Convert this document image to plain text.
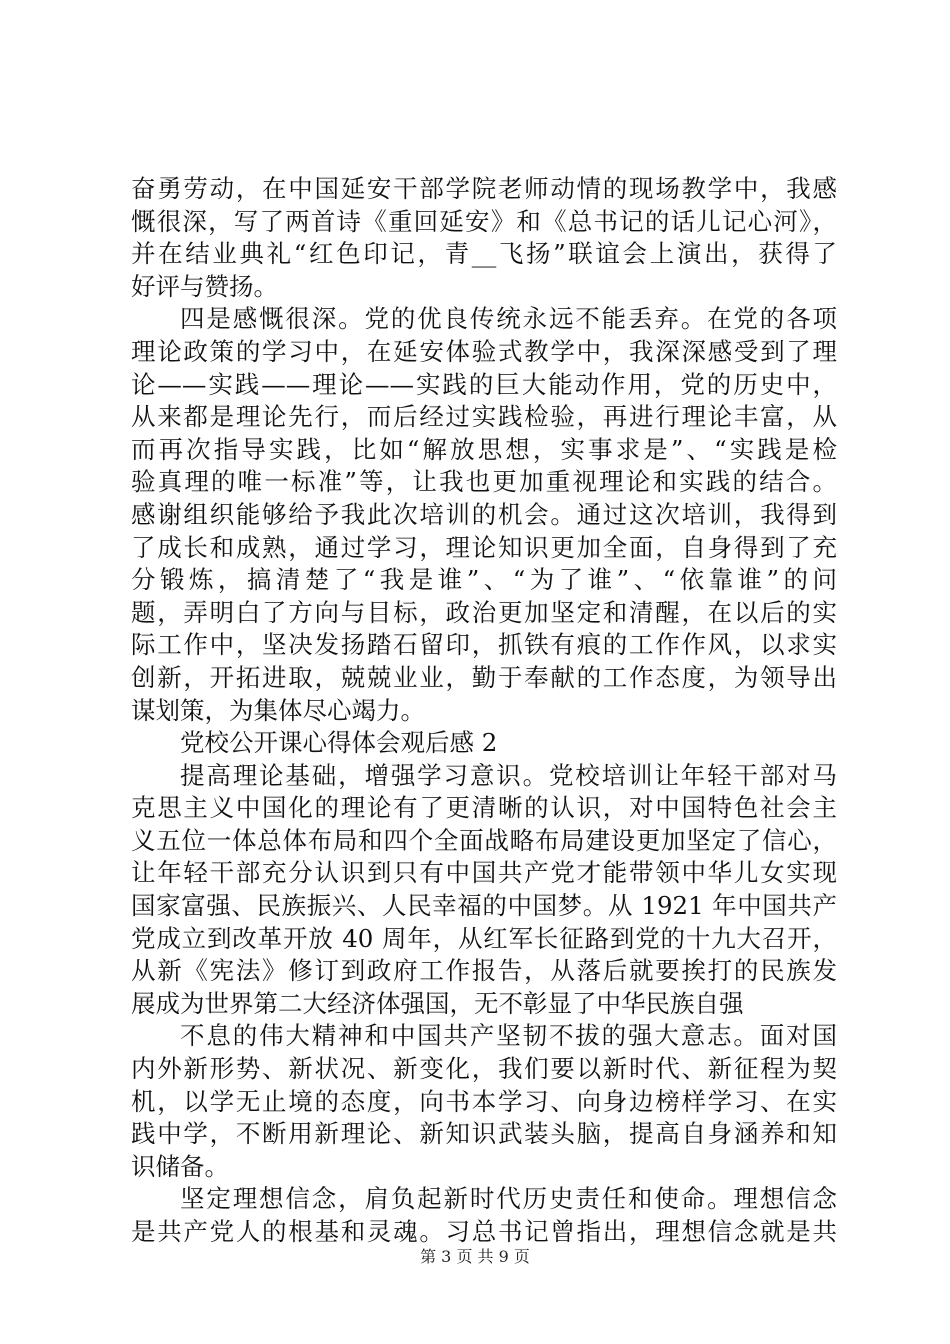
奋勇劳动，在中国延安干部学院老师动情的现场教学中，我感
慨很深，写了两首诗《重回延安》和《总书记的话儿记心河》，
并在结业典礼“红色印记，青__飞扬”联谊会上演出，获得了
好评与赞扬。
四是感慨很深。党的优良传统永远不能丢弃。在党的各项
理论政策的学习中，在延安体验式教学中，我深深感受到了理
论——实践——理论——实践的巨大能动作用，党的历史中，
从来都是理论先行，而后经过实践检验，再进行理论丰富，从
而再次指导实践，比如“解放思想，实事求是”、“实践是检
验真理的唯一标准”等，让我也更加重视理论和实践的结合。
感谢组织能够给予我此次培训的机会。通过这次培训，我得到
了成长和成熟，通过学习，理论知识更加全面，自身得到了充
分锻炼，搞清楚了“我是谁”、“为了谁”、“依靠谁”的问
题，弄明白了方向与目标，政治更加坚定和清醒，在以后的实
际工作中，坚决发扬踏石留印，抓铁有痕的工作作风，以求实
创新，开拓进取，兢兢业业，勤于奉献的工作态度，为领导出
谋划策，为集体尽心竭力。
党校公开课心得体会观后感 2
提高理论基础，增强学习意识。党校培训让年轻干部对马
克思主义中国化的理论有了更清晰的认识，对中国特色社会主
义五位一体总体布局和四个全面战略布局建设更加坚定了信心，
让年轻干部充分认识到只有中国共产党才能带领中华儿女实现
国家富强、民族振兴、人民幸福的中国梦。从 1921 年中国共产
党成立到改革开放 40 周年，从红军长征路到党的十九大召开，
从新《宪法》修订到政府工作报告，从落后就要挨打的民族发
展成为世界第二大经济体强国，无不彰显了中华民族自强
不息的伟大精神和中国共产坚韧不拔的强大意志。面对国
内外新形势、新状况、新变化，我们要以新时代、新征程为契
机，以学无止境的态度，向书本学习、向身边榜样学习、在实
践中学，不断用新理论、新知识武装头脑，提高自身涵养和知
识储备。
坚定理想信念，肩负起新时代历史责任和使命。理想信念
是共产党人的根基和灵魂。习总书记曾指出，理想信念就是共
第 3 页 共 9 页
